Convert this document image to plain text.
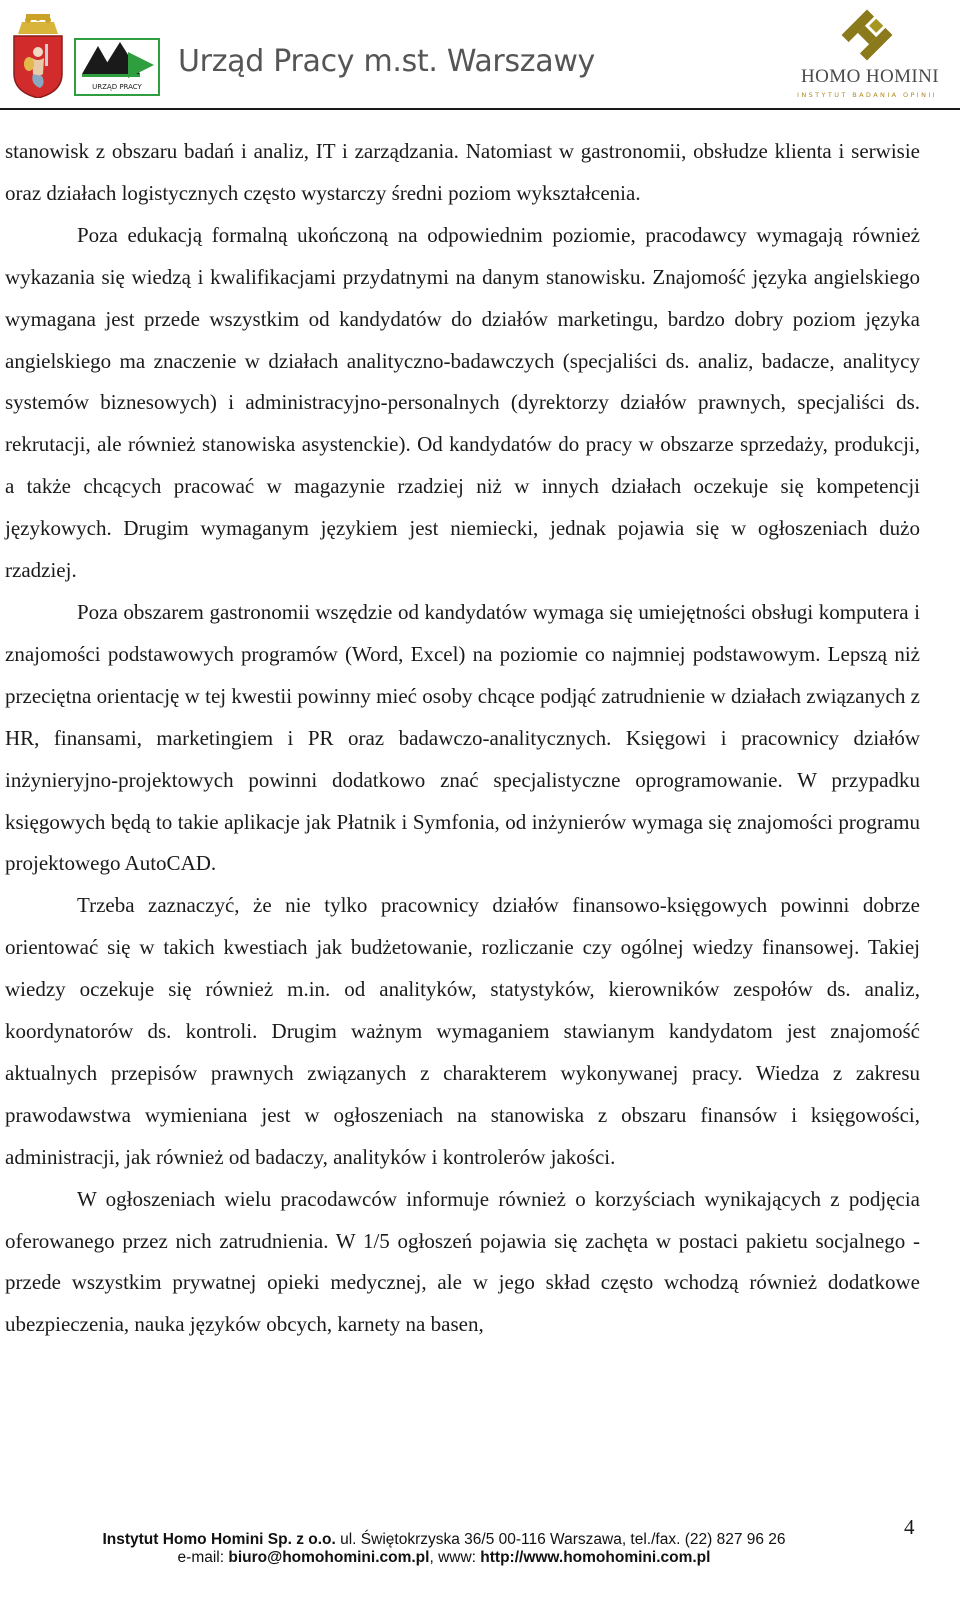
URZĄD PRACY
Urząd Pracy m.st. Warszawy	HOMO HOMINI
INSTYTUT BADANIA OPINII

stanowisk z obszaru badań i analiz, IT i zarządzania. Natomiast w gastronomii, obsłudze klienta i serwisie oraz działach logistycznych często wystarczy średni poziom wykształcenia.

Poza edukacją formalną ukończoną na odpowiednim poziomie, pracodawcy wymagają również wykazania się wiedzą i kwalifikacjami przydatnymi na danym stanowisku. Znajomość języka angielskiego wymagana jest przede wszystkim od kandydatów do działów marketingu, bardzo dobry poziom języka angielskiego ma znaczenie w działach analityczno-badawczych (specjaliści ds. analiz, badacze, analitycy systemów biznesowych) i administracyjno-personalnych (dyrektorzy działów prawnych, specjaliści ds. rekrutacji, ale również stanowiska asystenckie). Od kandydatów do pracy w obszarze sprzedaży, produkcji, a także chcących pracować w magazynie rzadziej niż w innych działach oczekuje się kompetencji językowych. Drugim wymaganym językiem jest niemiecki, jednak pojawia się w ogłoszeniach dużo rzadziej.

Poza obszarem gastronomii wszędzie od kandydatów wymaga się umiejętności obsługi komputera i znajomości podstawowych programów (Word, Excel) na poziomie co najmniej podstawowym. Lepszą niż przeciętna orientację w tej kwestii powinny mieć osoby chcące podjąć zatrudnienie w działach związanych z HR, finansami, marketingiem i PR oraz badawczo-analitycznych. Księgowi i pracownicy działów inżynieryjno-projektowych powinni dodatkowo znać specjalistyczne oprogramowanie. W przypadku księgowych będą to takie aplikacje jak Płatnik i Symfonia, od inżynierów wymaga się znajomości programu projektowego AutoCAD.

Trzeba zaznaczyć, że nie tylko pracownicy działów finansowo-księgowych powinni dobrze orientować się w takich kwestiach jak budżetowanie, rozliczanie czy ogólnej wiedzy finansowej. Takiej wiedzy oczekuje się również m.in. od analityków, statystyków, kierowników zespołów ds. analiz, koordynatorów ds. kontroli. Drugim ważnym wymaganiem stawianym kandydatom jest znajomość aktualnych przepisów prawnych związanych z charakterem wykonywanej pracy. Wiedza z zakresu prawodawstwa wymieniana jest w ogłoszeniach na stanowiska z obszaru finansów i księgowości, administracji, jak również od badaczy, analityków i kontrolerów jakości.

W ogłoszeniach wielu pracodawców informuje również o korzyściach wynikających z podjęcia oferowanego przez nich zatrudnienia. W 1/5 ogłoszeń pojawia się zachęta w postaci pakietu socjalnego - przede wszystkim prywatnej opieki medycznej, ale w jego skład często wchodzą również dodatkowe ubezpieczenia, nauka języków obcych, karnety na basen,

4
Instytut Homo Homini Sp. z o.o. ul. Świętokrzyska 36/5 00-116 Warszawa, tel./fax. (22) 827 96 26
e-mail: biuro@homohomini.com.pl, www: http://www.homohomini.com.pl
